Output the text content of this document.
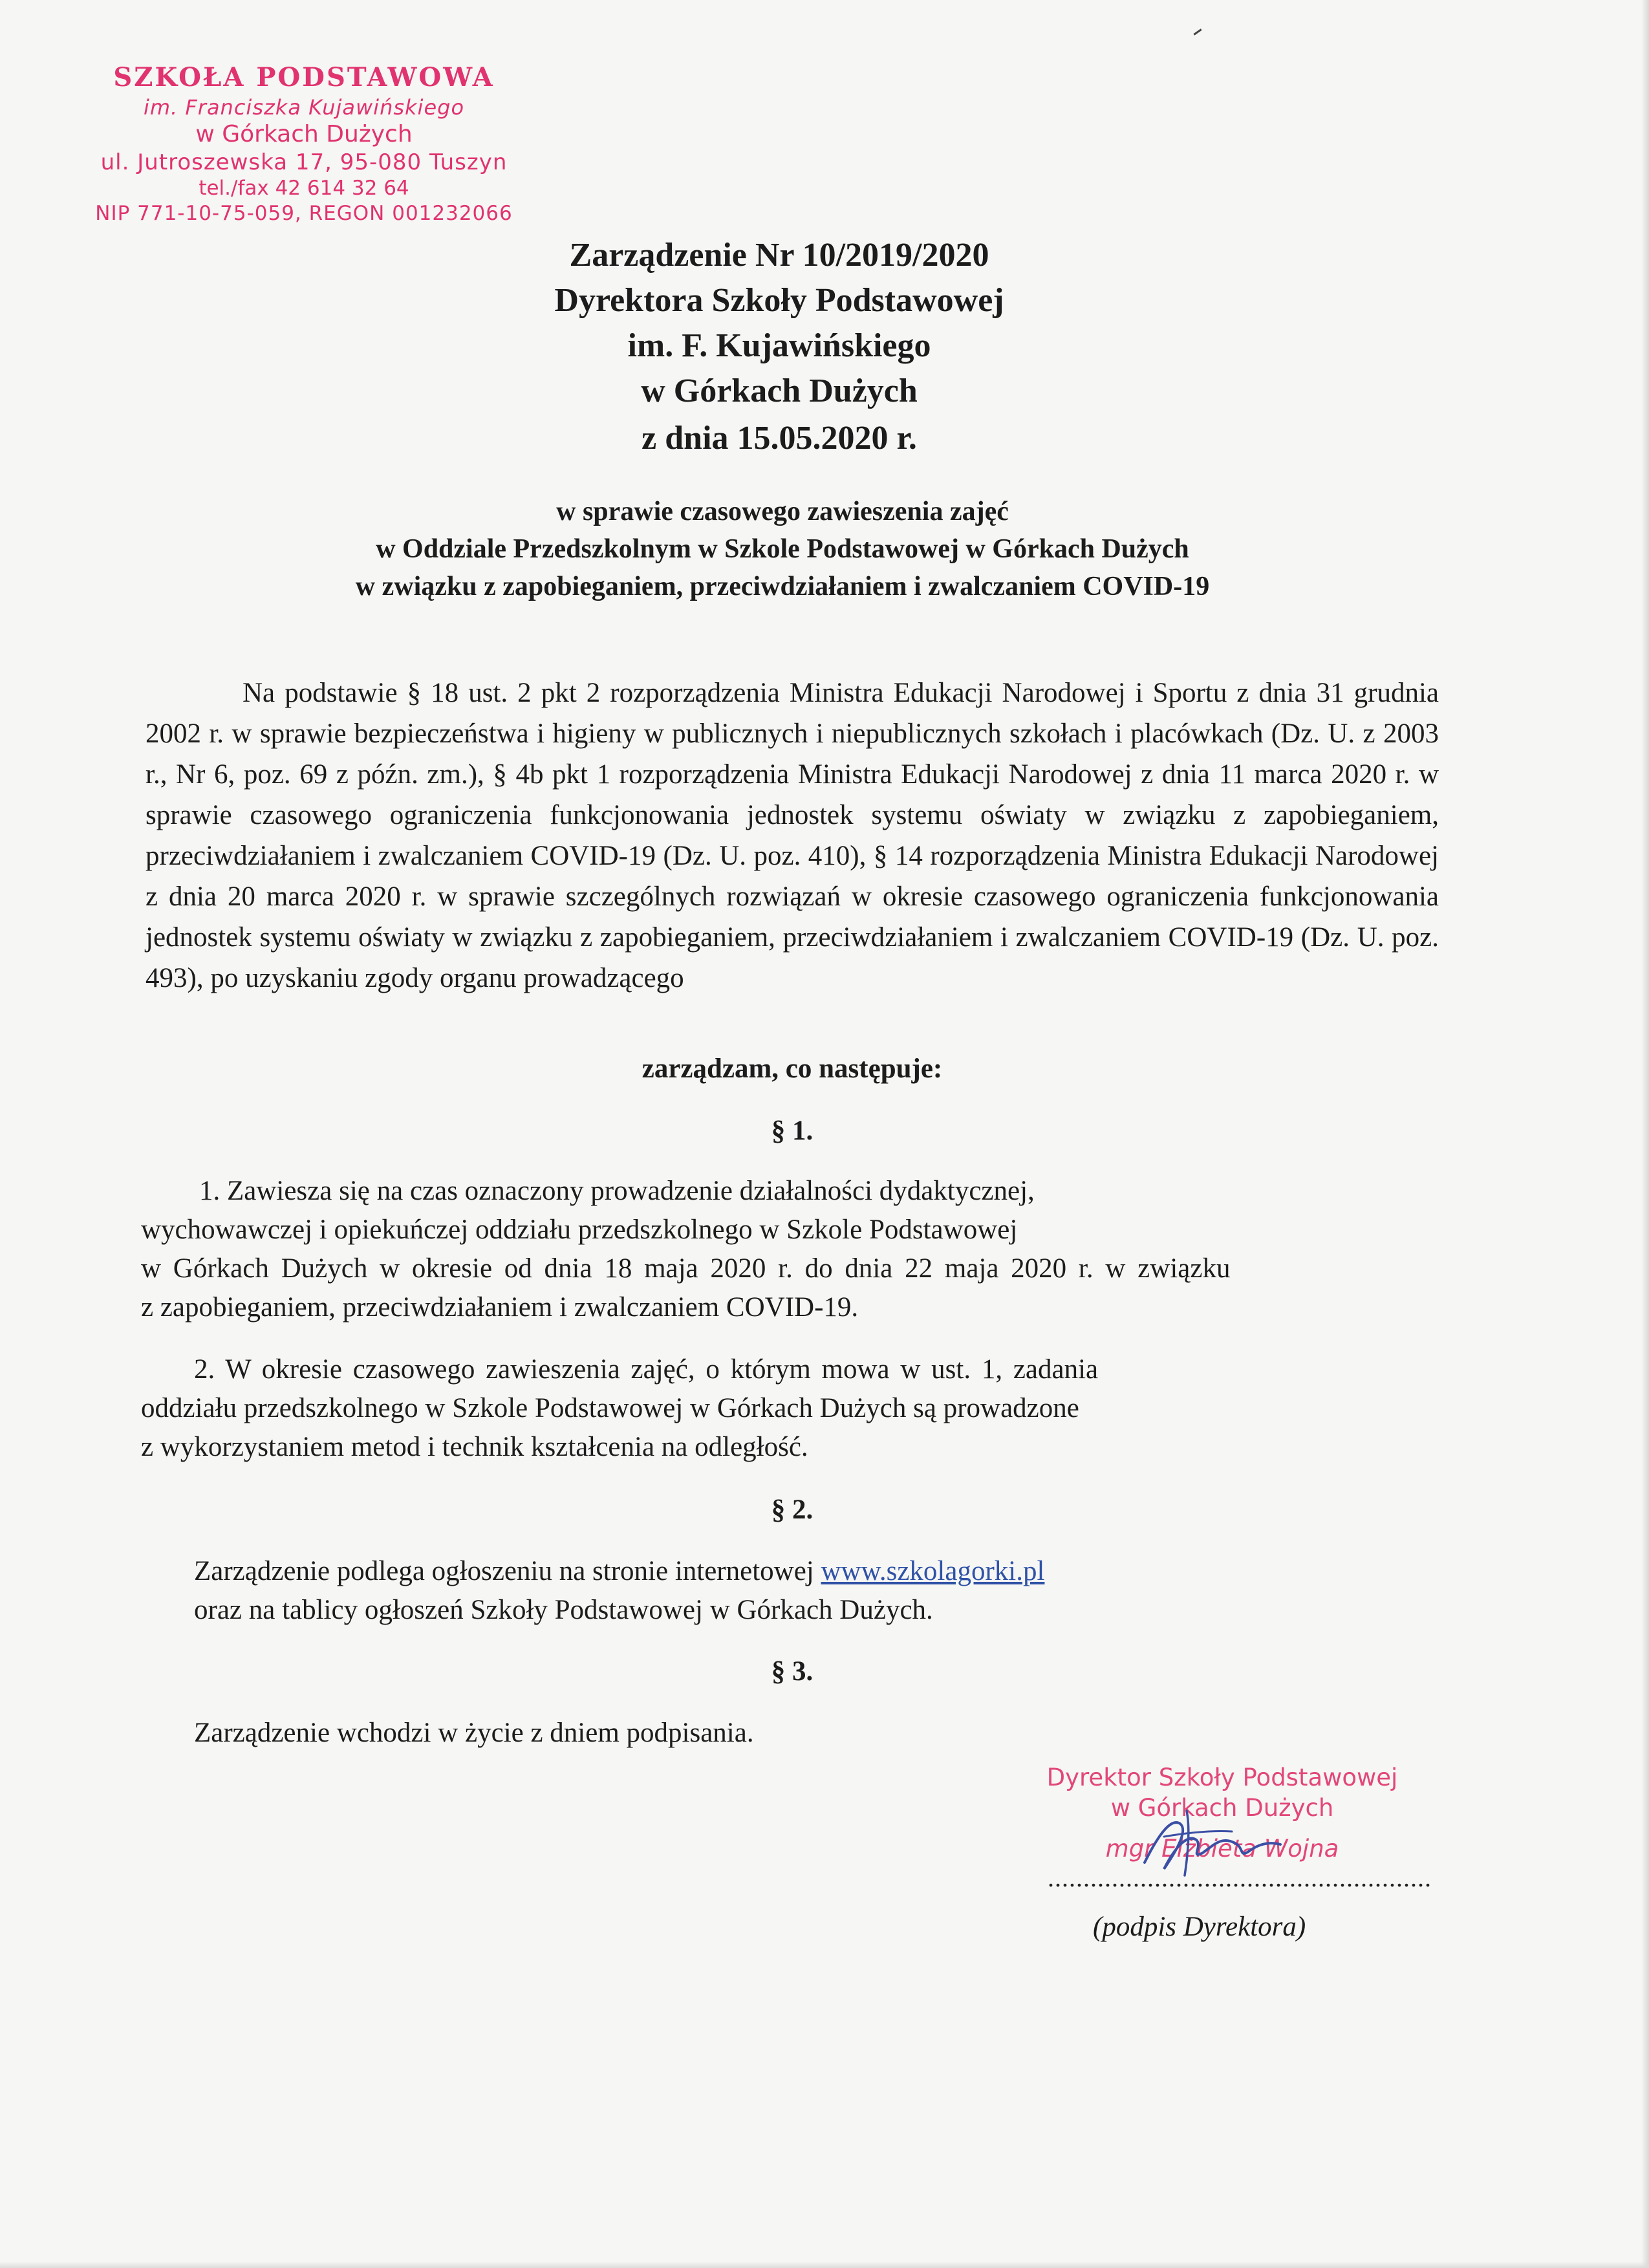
SZKOŁA PODSTAWOWA
im. Franciszka Kujawińskiego
w Górkach Dużych
ul. Jutroszewska 17, 95-080 Tuszyn
tel./fax 42 614 32 64
NIP 771-10-75-059, REGON 001232066
Zarządzenie Nr 10/2019/2020
Dyrektora Szkoły Podstawowej
im. F. Kujawińskiego
w Górkach Dużych
z dnia 15.05.2020 r.
w sprawie czasowego zawieszenia zajęć
w Oddziale Przedszkolnym w Szkole Podstawowej w Górkach Dużych
w związku z zapobieganiem, przeciwdziałaniem i zwalczaniem COVID-19
Na podstawie § 18 ust. 2 pkt 2 rozporządzenia Ministra Edukacji Narodowej i Sportu z dnia 31 grudnia 2002 r. w sprawie bezpieczeństwa i higieny w publicznych i niepublicznych szkołach i placówkach (Dz. U. z 2003 r., Nr 6, poz. 69 z późn. zm.), § 4b pkt 1 rozporządzenia Ministra Edukacji Narodowej z dnia 11 marca 2020 r. w sprawie czasowego ograniczenia funkcjonowania jednostek systemu oświaty w związku z zapobieganiem, przeciwdziałaniem i zwalczaniem COVID-19 (Dz. U. poz. 410), § 14 rozporządzenia Ministra Edukacji Narodowej z dnia 20 marca 2020 r. w sprawie szczególnych rozwiązań w okresie czasowego ograniczenia funkcjonowania jednostek systemu oświaty w związku z zapobieganiem, przeciwdziałaniem i zwalczaniem COVID-19 (Dz. U. poz. 493), po uzyskaniu zgody organu prowadzącego
zarządzam, co następuje:
§ 1.
1. Zawiesza się na czas oznaczony prowadzenie działalności dydaktycznej,
wychowawczej i opiekuńczej oddziału przedszkolnego w Szkole Podstawowej
w Górkach Dużych w okresie od dnia 18 maja 2020 r. do dnia 22 maja 2020 r. w związku
z zapobieganiem, przeciwdziałaniem i zwalczaniem COVID-19.
2. W okresie czasowego zawieszenia zajęć, o którym mowa w ust. 1, zadania
oddziału przedszkolnego w Szkole Podstawowej w Górkach Dużych są prowadzone
z wykorzystaniem metod i technik kształcenia na odległość.
§ 2.
Zarządzenie podlega ogłoszeniu na stronie internetowej www.szkolagorki.pl
oraz na tablicy ogłoszeń Szkoły Podstawowej w Górkach Dużych.
§ 3.
Zarządzenie wchodzi w życie z dniem podpisania.
Dyrektor Szkoły Podstawowej
w Górkach Dużych
mgr Elżbieta Wojna
......................................................
(podpis Dyrektora)
